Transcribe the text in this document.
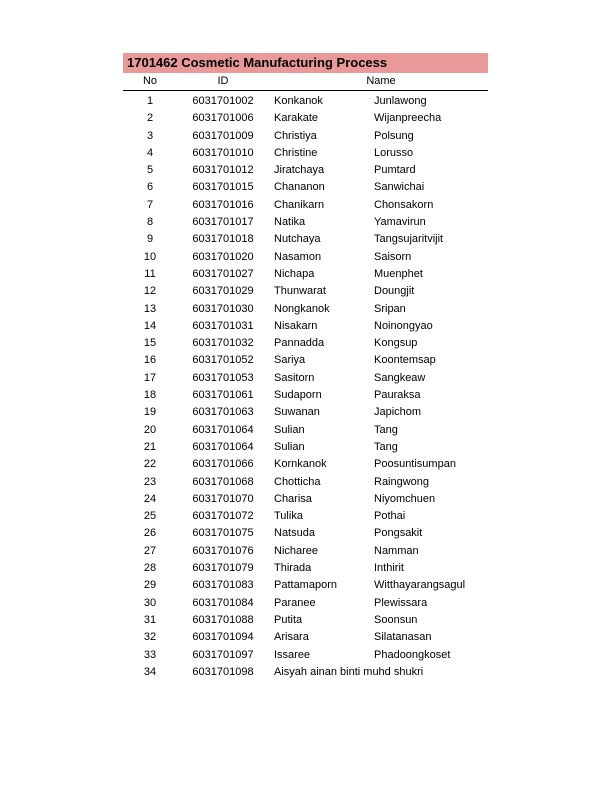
1701462 Cosmetic Manufacturing Process
No	ID	Name
1	6031701002	Konkanok	Junlawong
2	6031701006	Karakate	Wijanpreecha
3	6031701009	Christiya	Polsung
4	6031701010	Christine	Lorusso
5	6031701012	Jiratchaya	Pumtard
6	6031701015	Chananon	Sanwichai
7	6031701016	Chanikarn	Chonsakorn
8	6031701017	Natika	Yamavirun
9	6031701018	Nutchaya	Tangsujaritvijit
10	6031701020	Nasamon	Saisorn
11	6031701027	Nichapa	Muenphet
12	6031701029	Thunwarat	Doungjit
13	6031701030	Nongkanok	Sripan
14	6031701031	Nisakarn	Noinongyao
15	6031701032	Pannadda	Kongsup
16	6031701052	Sariya	Koontemsap
17	6031701053	Sasitorn	Sangkeaw
18	6031701061	Sudaporn	Pauraksa
19	6031701063	Suwanan	Japichom
20	6031701064	Sulian	Tang
21	6031701064	Sulian	Tang
22	6031701066	Kornkanok	Poosuntisumpan
23	6031701068	Chotticha	Raingwong
24	6031701070	Charisa	Niyomchuen
25	6031701072	Tulika	Pothai
26	6031701075	Natsuda	Pongsakit
27	6031701076	Nicharee	Namman
28	6031701079	Thirada	Inthirit
29	6031701083	Pattamaporn	Witthayarangsagul
30	6031701084	Paranee	Plewissara
31	6031701088	Putita	Soonsun
32	6031701094	Arisara	Silatanasan
33	6031701097	Issaree	Phadoongkoset
34	6031701098	Aisyah ainan binti muhd shukri
